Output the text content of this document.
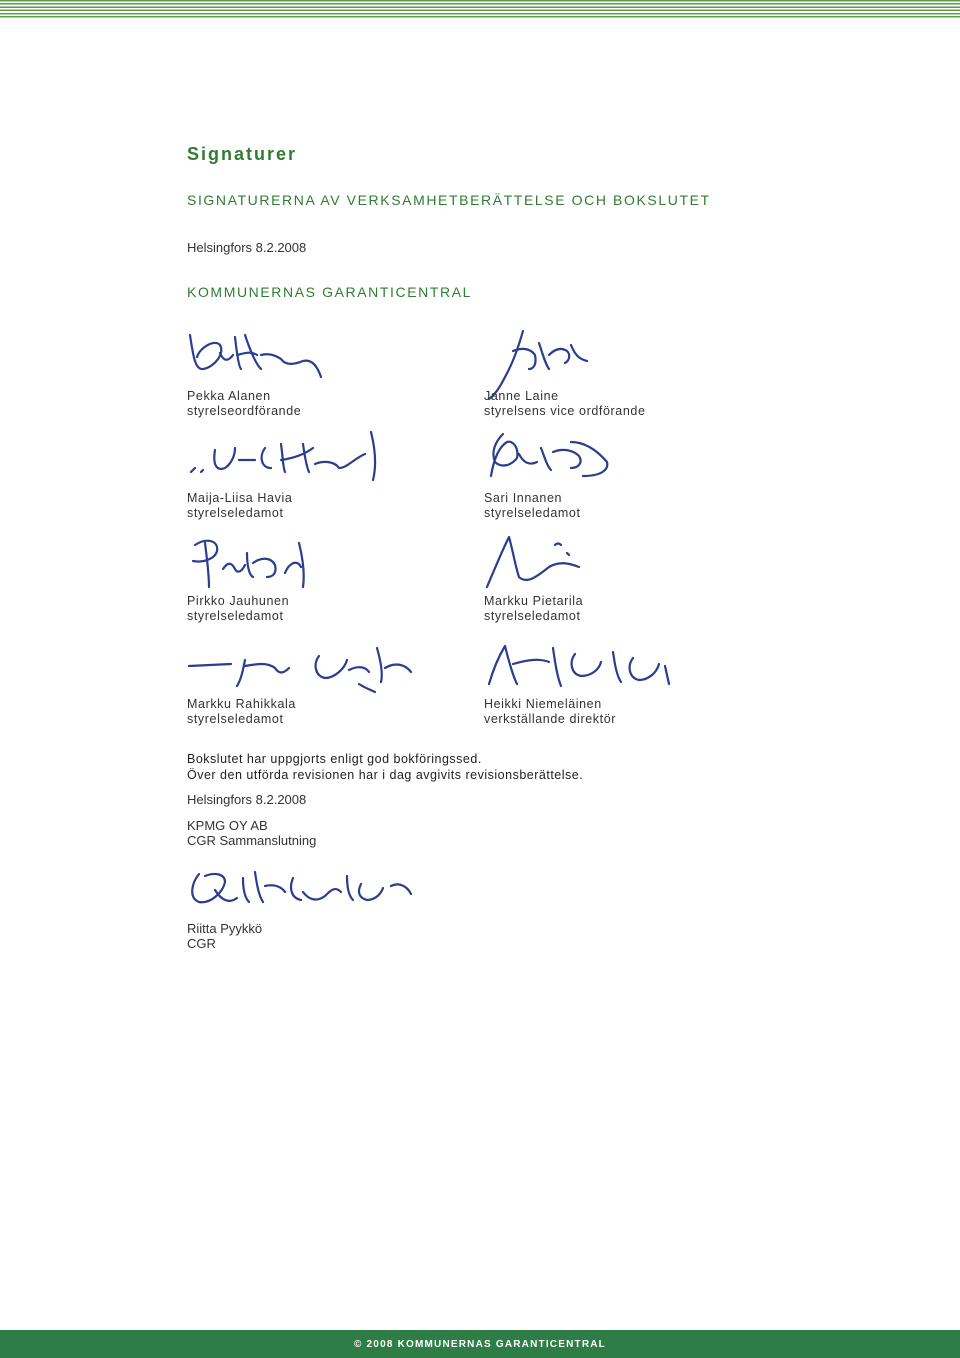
Signaturer
SIGNATURERNA AV VERKSAMHETBERÄTTELSE OCH BOKSLUTET
Helsingfors 8.2.2008
KOMMUNERNAS GARANTICENTRAL
Pekka Alanen
styrelseordförande
Janne Laine
styrelsens vice ordförande
Maija-Liisa Havia
styrelseledamot
Sari Innanen
styrelseledamot
Pirkko Jauhunen
styrelseledamot
Markku Pietarila
styrelseledamot
Markku Rahikkala
styrelseledamot
Heikki Niemeläinen
verkställande direktör
Bokslutet har uppgjorts enligt god bokföringssed.
Över den utförda revisionen har i dag avgivits revisionsberättelse.
Helsingfors 8.2.2008
KPMG OY AB
CGR Sammanslutning
Riitta Pyykkö
CGR
© 2008 KOMMUNERNAS GARANTICENTRAL
